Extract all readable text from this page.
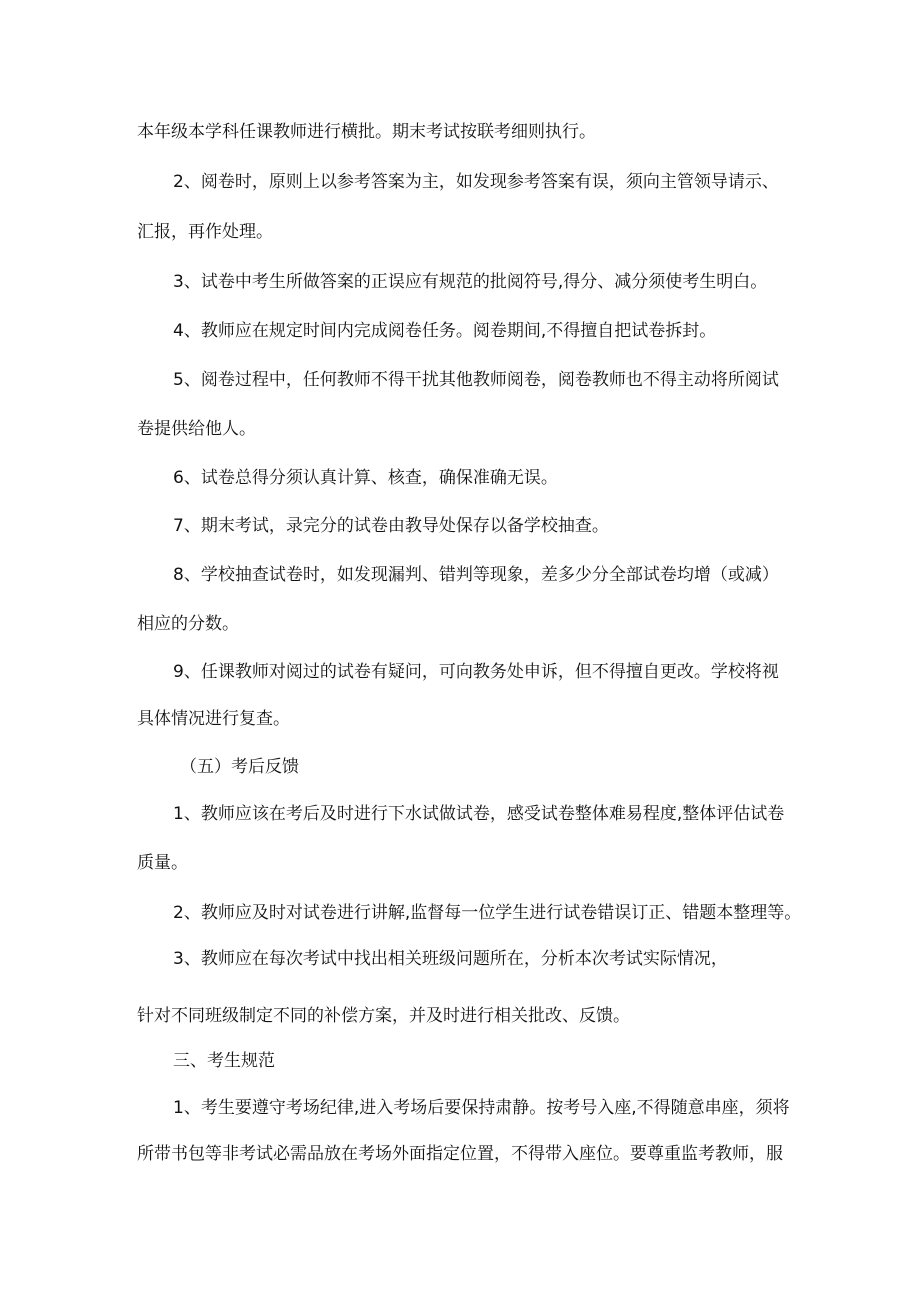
本年级本学科任课教师进行横批。期末考试按联考细则执行。
2、阅卷时，原则上以参考答案为主，如发现参考答案有误，须向主管领导请示、
汇报，再作处理。
3、试卷中考生所做答案的正误应有规范的批阅符号,得分、减分须使考生明白。
4、教师应在规定时间内完成阅卷任务。阅卷期间,不得擅自把试卷拆封。
5、阅卷过程中，任何教师不得干扰其他教师阅卷，阅卷教师也不得主动将所阅试
卷提供给他人。
6、试卷总得分须认真计算、核查，确保准确无误。
7、期末考试，录完分的试卷由教导处保存以备学校抽查。
8、学校抽查试卷时，如发现漏判、错判等现象，差多少分全部试卷均增（或减）
相应的分数。
9、任课教师对阅过的试卷有疑问，可向教务处申诉，但不得擅自更改。学校将视
具体情况进行复查。
（五）考后反馈
1、教师应该在考后及时进行下水试做试卷，感受试卷整体难易程度,整体评估试卷
质量。
2、教师应及时对试卷进行讲解,监督每一位学生进行试卷错误订正、错题本整理等。
3、教师应在每次考试中找出相关班级问题所在，分析本次考试实际情况，
针对不同班级制定不同的补偿方案，并及时进行相关批改、反馈。
三、考生规范
1、考生要遵守考场纪律,进入考场后要保持肃静。按考号入座,不得随意串座，须将
所带书包等非考试必需品放在考场外面指定位置，不得带入座位。要尊重监考教师，服
